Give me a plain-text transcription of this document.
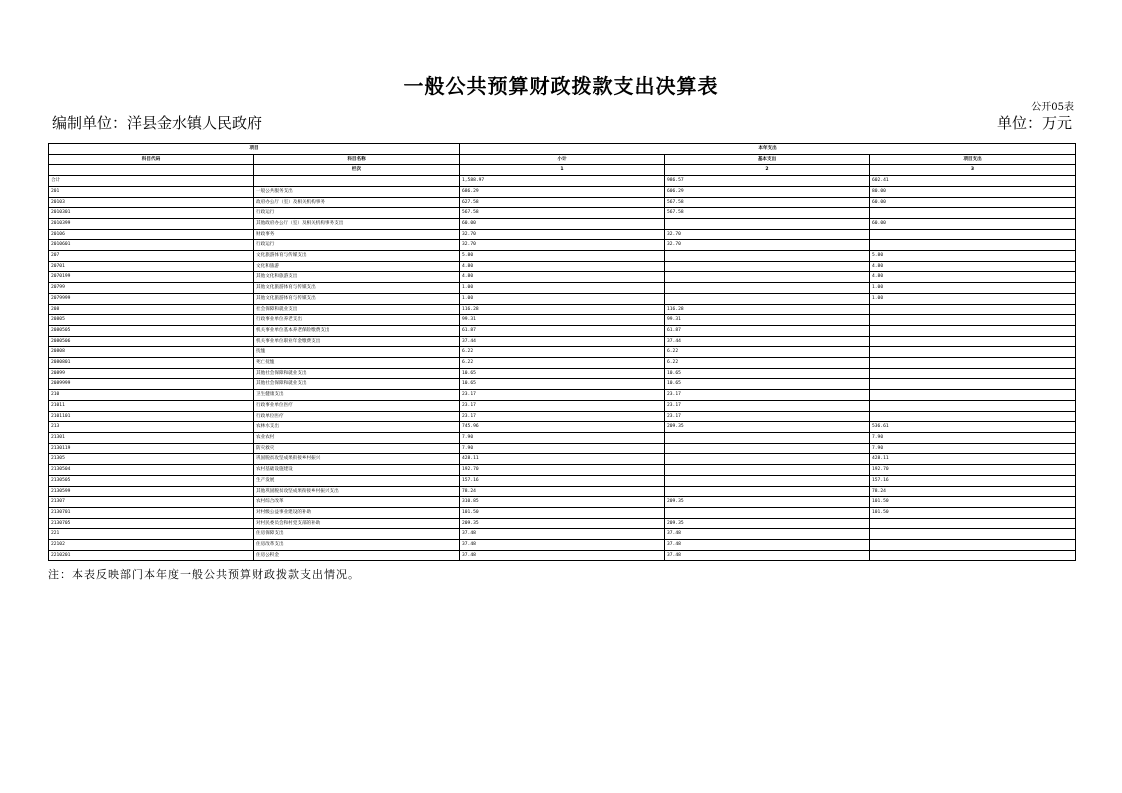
一般公共预算财政拨款支出决算表
公开05表
编制单位：洋县金水镇人民政府	单位：万元
项目		本年支出		
科目代码	科目名称	小计	基本支出	项目支出
	栏次	1	2	3
合计		1,588.97	986.57	602.41
201	一般公共服务支出	686.29	606.29	80.00
20103	政府办公厅（室）及相关机构事务	627.58	567.58	60.00
2010301	行政运行	567.58	567.58	
2010399	其他政府办公厅（室）及相关机构事务支出	60.00		60.00
20106	财政事务	32.70	32.70	
2010601	行政运行	32.70	32.70	
207	文化旅游体育与传媒支出	5.80		5.80
20701	文化和旅游	4.80		4.80
2070199	其他文化和旅游支出	4.80		4.80
20799	其他文化旅游体育与传媒支出	1.00		1.00
2079999	其他文化旅游体育与传媒支出	1.00		1.00
208	社会保障和就业支出	116.28	116.28	
20805	行政事业单位养老支出	99.31	99.31	
2080505	机关事业单位基本养老保险缴费支出	61.87	61.87	
2080506	机关事业单位职业年金缴费支出	37.44	37.44	
20808	抚恤	6.22	6.22	
2080801	死亡抚恤	6.22	6.22	
20899	其他社会保障和就业支出	10.65	10.65	
2089999	其他社会保障和就业支出	10.65	10.65	
210	卫生健康支出	23.17	23.17	
21011	行政事业单位医疗	23.17	23.17	
2101101	行政单位医疗	23.17	23.17	
213	农林水支出	745.96	209.35	536.61
21301	农业农村	7.90		7.90
2130119	防灾救灾	7.90		7.90
21305	巩固脱贫攻坚成果衔接乡村振兴	428.11		428.11
2130504	农村基础设施建设	192.70		192.70
2130505	生产发展	157.16		157.16
2130599	其他巩固脱贫攻坚成果衔接乡村振兴支出	78.24		78.24
21307	农村综合改革	310.85	209.35	101.50
2130701	对村级公益事业建设的补助	101.50		101.50
2130705	对村民委员会和村党支部的补助	209.35	209.35	
221	住房保障支出	37.48	37.48	
22102	住房改革支出	37.48	37.48	
2210201	住房公积金	37.48	37.48	
注：本表反映部门本年度一般公共预算财政拨款支出情况。
